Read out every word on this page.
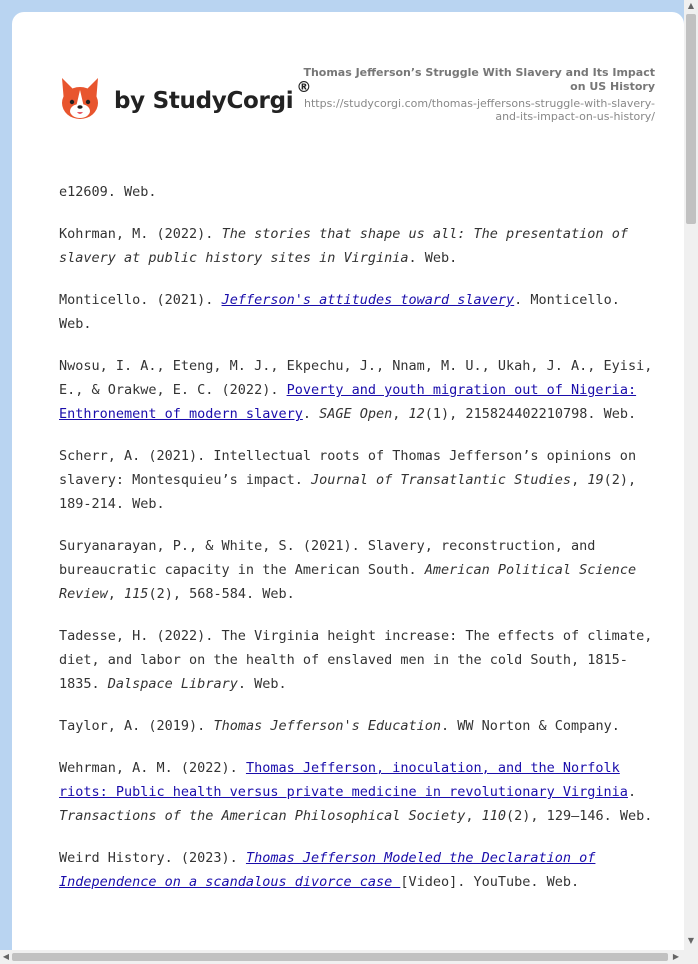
by StudyCorgi®
Thomas Jefferson’s Struggle With Slavery and Its Impact on US History
https://studycorgi.com/thomas-jeffersons-struggle-with-slavery-and-its-impact-on-us-history/

e12609. Web.

Kohrman, M. (2022). The stories that shape us all: The presentation of slavery at public history sites in Virginia. Web.

Monticello. (2021). Jefferson's attitudes toward slavery. Monticello. Web.

Nwosu, I. A., Eteng, M. J., Ekpechu, J., Nnam, M. U., Ukah, J. A., Eyisi, E., & Orakwe, E. C. (2022). Poverty and youth migration out of Nigeria: Enthronement of modern slavery. SAGE Open, 12(1), 215824402210798. Web.

Scherr, A. (2021). Intellectual roots of Thomas Jefferson’s opinions on slavery: Montesquieu’s impact. Journal of Transatlantic Studies, 19(2), 189-214. Web.

Suryanarayan, P., & White, S. (2021). Slavery, reconstruction, and bureaucratic capacity in the American South. American Political Science Review, 115(2), 568-584. Web.

Tadesse, H. (2022). The Virginia height increase: The effects of climate, diet, and labor on the health of enslaved men in the cold South, 1815-1835. Dalspace Library. Web.

Taylor, A. (2019). Thomas Jefferson's Education. WW Norton & Company.

Wehrman, A. M. (2022). Thomas Jefferson, inoculation, and the Norfolk riots: Public health versus private medicine in revolutionary Virginia. Transactions of the American Philosophical Society, 110(2), 129–146. Web.

Weird History. (2023). Thomas Jefferson Modeled the Declaration of Independence on a scandalous divorce case [Video]. YouTube. Web.

▲
▼
◀	▶
